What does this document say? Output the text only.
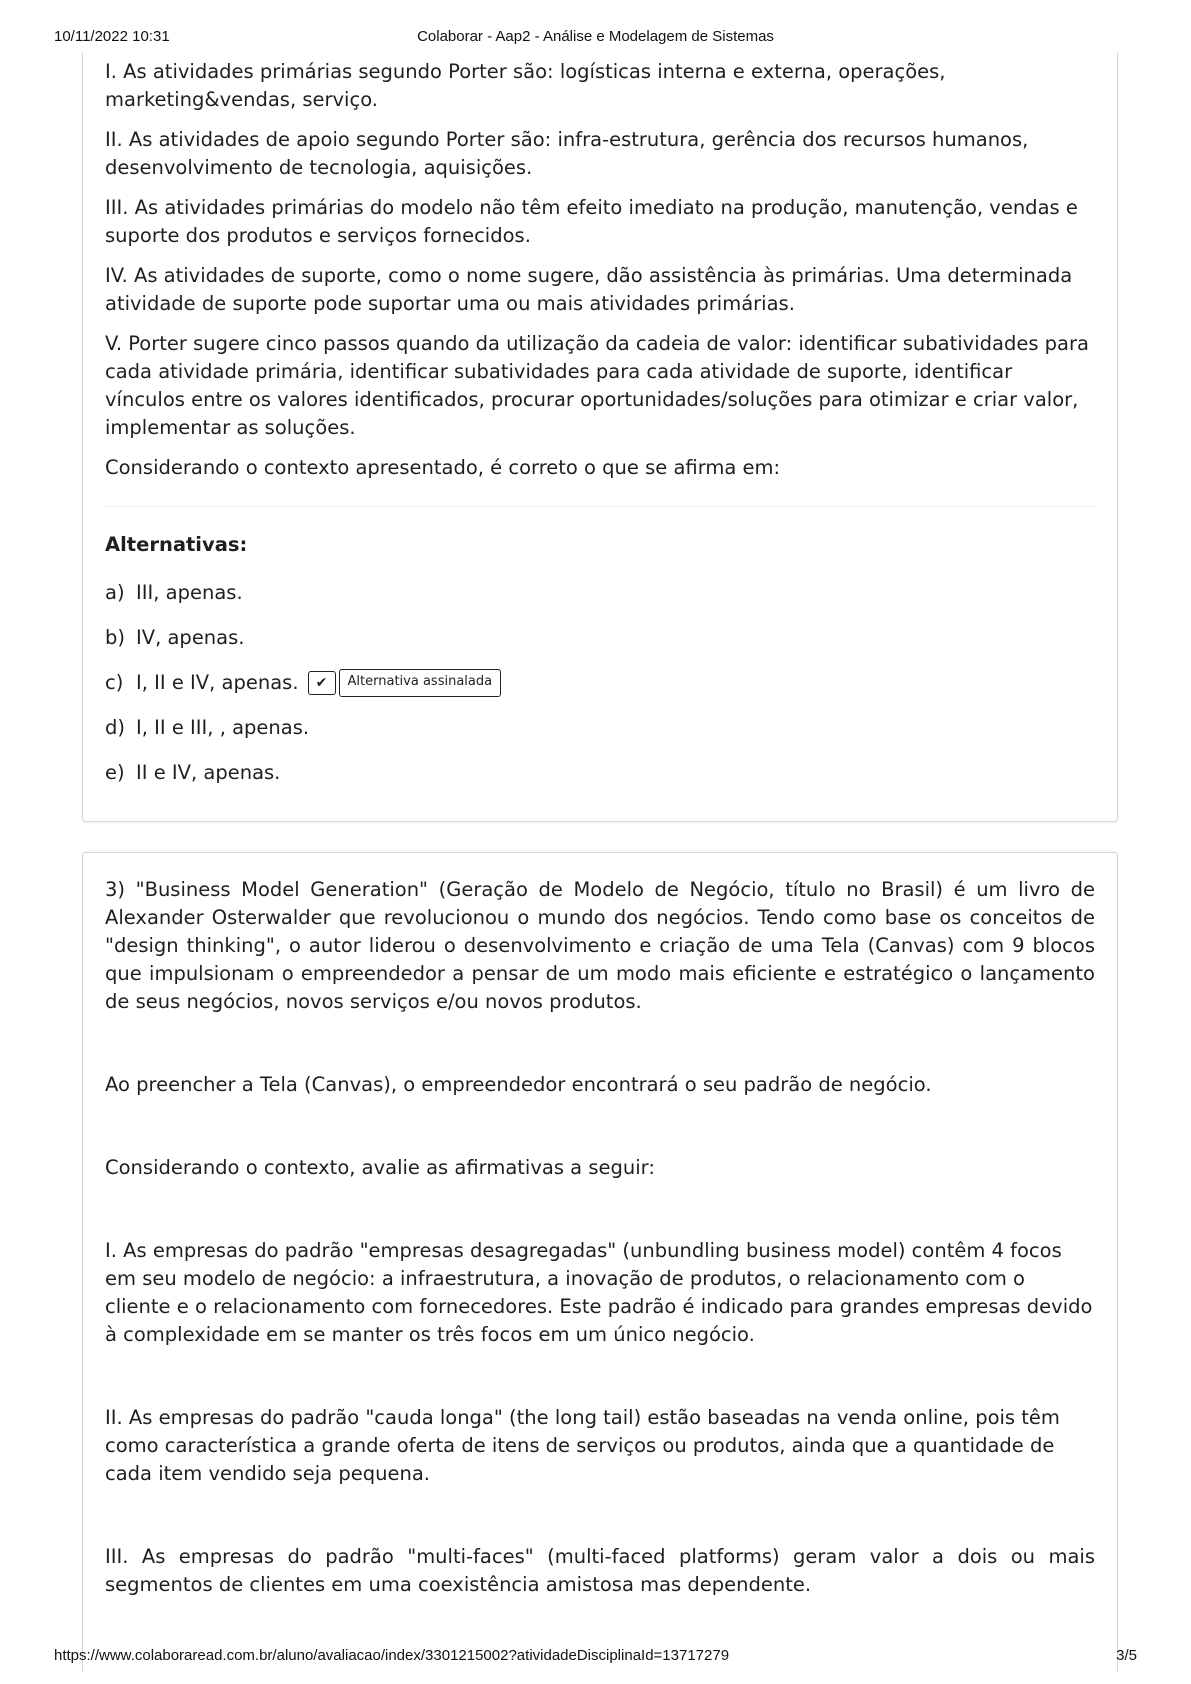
10/11/2022 10:31	Colaborar - Aap2 - Análise e Modelagem de Sistemas

I. As atividades primárias segundo Porter são: logísticas interna e externa, operações, marketing&vendas, serviço.

II. As atividades de apoio segundo Porter são: infra-estrutura, gerência dos recursos humanos, desenvolvimento de tecnologia, aquisições.

III. As atividades primárias do modelo não têm efeito imediato na produção, manutenção, vendas e suporte dos produtos e serviços fornecidos.

IV. As atividades de suporte, como o nome sugere, dão assistência às primárias. Uma determinada atividade de suporte pode suportar uma ou mais atividades primárias.

V. Porter sugere cinco passos quando da utilização da cadeia de valor: identificar subatividades para cada atividade primária, identificar subatividades para cada atividade de suporte, identificar vínculos entre os valores identificados, procurar oportunidades/soluções para otimizar e criar valor, implementar as soluções.

Considerando o contexto apresentado, é correto o que se afirma em:

Alternativas:
a) III, apenas.
b) IV, apenas.
c) I, II e IV, apenas.	✔	Alternativa assinalada
d) I, II e III, , apenas.
e) II e IV, apenas.

3) "Business Model Generation" (Geração de Modelo de Negócio, título no Brasil) é um livro de Alexander Osterwalder que revolucionou o mundo dos negócios. Tendo como base os conceitos de "design thinking", o autor liderou o desenvolvimento e criação de uma Tela (Canvas) com 9 blocos que impulsionam o empreendedor a pensar de um modo mais eficiente e estratégico o lançamento de seus negócios, novos serviços e/ou novos produtos.

Ao preencher a Tela (Canvas), o empreendedor encontrará o seu padrão de negócio.

Considerando o contexto, avalie as afirmativas a seguir:

I. As empresas do padrão "empresas desagregadas" (unbundling business model) contêm 4 focos em seu modelo de negócio: a infraestrutura, a inovação de produtos, o relacionamento com o cliente e o relacionamento com fornecedores. Este padrão é indicado para grandes empresas devido à complexidade em se manter os três focos em um único negócio.

II. As empresas do padrão "cauda longa" (the long tail) estão baseadas na venda online, pois têm como característica a grande oferta de itens de serviços ou produtos, ainda que a quantidade de cada item vendido seja pequena.

III. As empresas do padrão "multi-faces" (multi-faced platforms) geram valor a dois ou mais segmentos de clientes em uma coexistência amistosa mas dependente.

https://www.colaboraread.com.br/aluno/avaliacao/index/3301215002?atividadeDisciplinaId=13717279	3/5
